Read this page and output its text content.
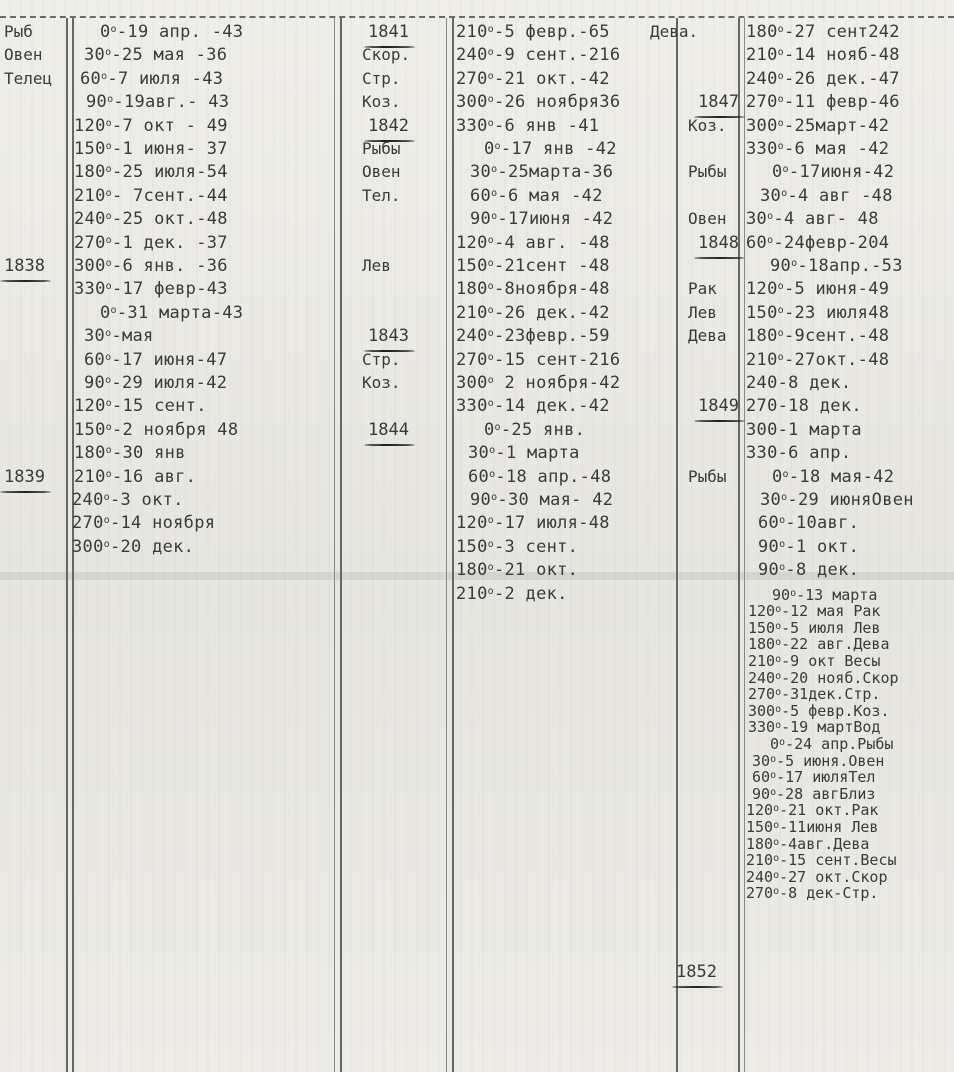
0$^o$-19 апр. -43
30$^o$-25 мая -36
60$^o$-7 июля -43
90$^o$-19авг.- 43
120$^o$-7 окт - 49
150$^o$-1 июня- 37
180$^o$-25 июля-54
210$^o$- 7сент.-44
240$^o$-25 окт.-48
270$^o$-1 дек. -37
300$^o$-6 янв. -36
330$^o$-17 февр-43
0$^o$-31 марта-43
30$^o$-мая
60$^o$-17 июня-47
90$^o$-29 июля-42
120$^o$-15 сент.
150$^o$-2 ноября 48
180$^o$-30 янв
210$^o$-16 авг.
240$^o$-3 окт.
270$^o$-14 ноября
300$^o$-20 дек.
Рыб
Овен
Телец
1838
1839
1841
Скор.
Стр.
Коз.
1842
Рыбы
Овен
Тел.
Лев
1843
Стр.
Коз.
1844
210$^o$-5 февр.-65
240$^o$-9 сент.-216
270$^o$-21 окт.-42
300$^o$-26 ноября36
330$^o$-6 янв -41
0$^o$-17 янв -42
30$^o$-25марта-36
60$^o$-6 мая -42
90$^o$-17июня -42
120$^o$-4 авг. -48
150$^o$-21сент -48
180$^o$-8ноября-48
210$^o$-26 дек.-42
240$^o$-23февр.-59
270$^o$-15 сент-216
300$^o$ 2 ноября-42
330$^o$-14 дек.-42
0$^o$-25 янв.
30$^o$-1 марта
60$^o$-18 апр.-48
90$^o$-30 мая- 42
120$^o$-17 июля-48
150$^o$-3 сент.
180$^o$-21 окт.
210$^o$-2 дек.
Дева.
1847
Коз.
Рыбы
Овен
1848
Рак
Лев
Дева
1849
Рыбы
1852
180$^o$-27 сент242
210$^o$-14 нояб-48
240$^o$-26 дек.-47
270$^o$-11 февр-46
300$^o$-25март-42
330$^o$-6 мая -42
0$^o$-17июня-42
30$^o$-4 авг -48
30$^o$-4 авг- 48
60$^o$-24февр-204
90$^o$-18апр.-53
120$^o$-5 июня-49
150$^o$-23 июля48
180$^o$-9сент.-48
210$^o$-27окт.-48
240-8 дек.
270-18 дек.
300-1 марта
330-6 апр.
0$^o$-18 мая-42
30$^o$-29 июняОвен
60$^o$-10авг.
90$^o$-1 окт.
90$^o$-8 дек.
90$^o$-13 марта
120$^o$-12 мая Рак
150$^o$-5 июля Лев
180$^o$-22 авг.Дева
210$^o$-9 окт Весы
240$^o$-20 нояб.Скор
270$^o$-31дек.Стр.
300$^o$-5 февр.Коз.
330$^o$-19 мартВод
0$^o$-24 апр.Рыбы
30$^o$-5 июня.Овен
60$^o$-17 июляТел
90$^o$-28 авгБлиз
120$^o$-21 окт.Рак
150$^o$-11июня Лев
180$^o$-4авг.Дева
210$^o$-15 сент.Весы
240$^o$-27 окт.Скор
270$^o$-8 дек-Стр.
